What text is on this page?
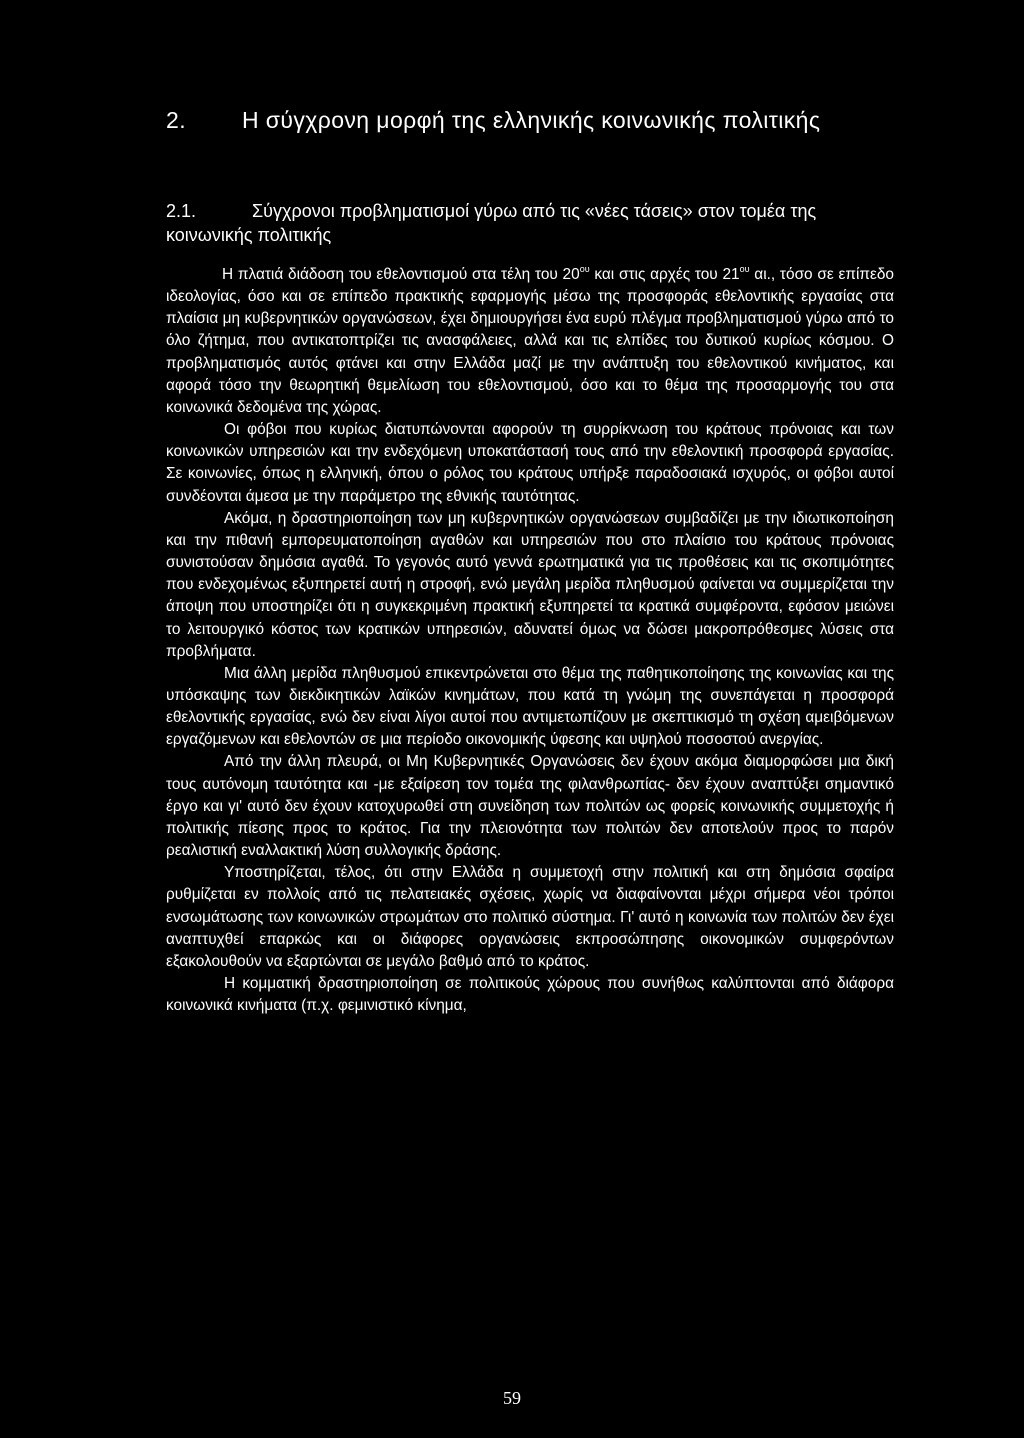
2. Η σύγχρονη μορφή της ελληνικής κοινωνικής πολιτικής
2.1.	Σύγχρονοι προβληματισμοί γύρω από τις «νέες τάσεις» στον τομέα της κοινωνικής πολιτικής

Η πλατιά διάδοση του εθελοντισμού στα τέλη του $20^{o\upsilon}$ και στις αρχές του $21^{o\upsilon}$ αι., τόσο σε επίπεδο ιδεολογίας, όσο και σε επίπεδο πρακτικής εφαρμογής μέσω της προσφοράς εθελοντικής εργασίας στα πλαίσια μη κυβερνητικών οργανώσεων, έχει δημιουργήσει ένα ευρύ πλέγμα προβληματισμού γύρω από το όλο ζήτημα, που αντικατοπτρίζει τις ανασφάλειες, αλλά και τις ελπίδες του δυτικού κυρίως κόσμου. Ο προβληματισμός αυτός φτάνει και στην Ελλάδα μαζί με την ανάπτυξη του εθελοντικού κινήματος, και αφορά τόσο την θεωρητική θεμελίωση του εθελοντισμού, όσο και το θέμα της προσαρμογής του στα κοινωνικά δεδομένα της χώρας.

Οι φόβοι που κυρίως διατυπώνονται αφορούν τη συρρίκνωση του κράτους πρόνοιας και των κοινωνικών υπηρεσιών και την ενδεχόμενη υποκατάστασή τους από την εθελοντική προσφορά εργασίας. Σε κοινωνίες, όπως η ελληνική, όπου ο ρόλος του κράτους υπήρξε παραδοσιακά ισχυρός, οι φόβοι αυτοί συνδέονται άμεσα με την παράμετρο της εθνικής ταυτότητας.

Ακόμα, η δραστηριοποίηση των μη κυβερνητικών οργανώσεων συμβαδίζει με την ιδιωτικοποίηση και την πιθανή εμπορευματοποίηση αγαθών και υπηρεσιών που στο πλαίσιο του κράτους πρόνοιας συνιστούσαν δημόσια αγαθά. Το γεγονός αυτό γεννά ερωτηματικά για τις προθέσεις και τις σκοπιμότητες που ενδεχομένως εξυπηρετεί αυτή η στροφή, ενώ μεγάλη μερίδα πληθυσμού φαίνεται να συμμερίζεται την άποψη που υποστηρίζει ότι η συγκεκριμένη πρακτική εξυπηρετεί τα κρατικά συμφέροντα, εφόσον μειώνει το λειτουργικό κόστος των κρατικών υπηρεσιών, αδυνατεί όμως να δώσει μακροπρόθεσμες λύσεις στα προβλήματα.

Μια άλλη μερίδα πληθυσμού επικεντρώνεται στο θέμα της παθητικοποίησης της κοινωνίας και της υπόσκαψης των διεκδικητικών λαϊκών κινημάτων, που κατά τη γνώμη της συνεπάγεται η προσφορά εθελοντικής εργασίας, ενώ δεν είναι λίγοι αυτοί που αντιμετωπίζουν με σκεπτικισμό τη σχέση αμειβόμενων εργαζόμενων και εθελοντών σε μια περίοδο οικονομικής ύφεσης και υψηλού ποσοστού ανεργίας.

Από την άλλη πλευρά, οι Μη Κυβερνητικές Οργανώσεις δεν έχουν ακόμα διαμορφώσει μια δική τους αυτόνομη ταυτότητα και -με εξαίρεση τον τομέα της φιλανθρωπίας- δεν έχουν αναπτύξει σημαντικό έργο και γι' αυτό δεν έχουν κατοχυρωθεί στη συνείδηση των πολιτών ως φορείς κοινωνικής συμμετοχής ή πολιτικής πίεσης προς το κράτος. Για την πλειονότητα των πολιτών δεν αποτελούν προς το παρόν ρεαλιστική εναλλακτική λύση συλλογικής δράσης.

Υποστηρίζεται, τέλος, ότι στην Ελλάδα η συμμετοχή στην πολιτική και στη δημόσια σφαίρα ρυθμίζεται εν πολλοίς από τις πελατειακές σχέσεις, χωρίς να διαφαίνονται μέχρι σήμερα νέοι τρόποι ενσωμάτωσης των κοινωνικών στρωμάτων στο πολιτικό σύστημα. Γι' αυτό η κοινωνία των πολιτών δεν έχει αναπτυχθεί επαρκώς και οι διάφορες οργανώσεις εκπροσώπησης οικονομικών συμφερόντων εξακολουθούν να εξαρτώνται σε μεγάλο βαθμό από το κράτος.

Η κομματική δραστηριοποίηση σε πολιτικούς χώρους που συνήθως καλύπτονται από διάφορα κοινωνικά κινήματα (π.χ. φεμινιστικό κίνημα,

59
